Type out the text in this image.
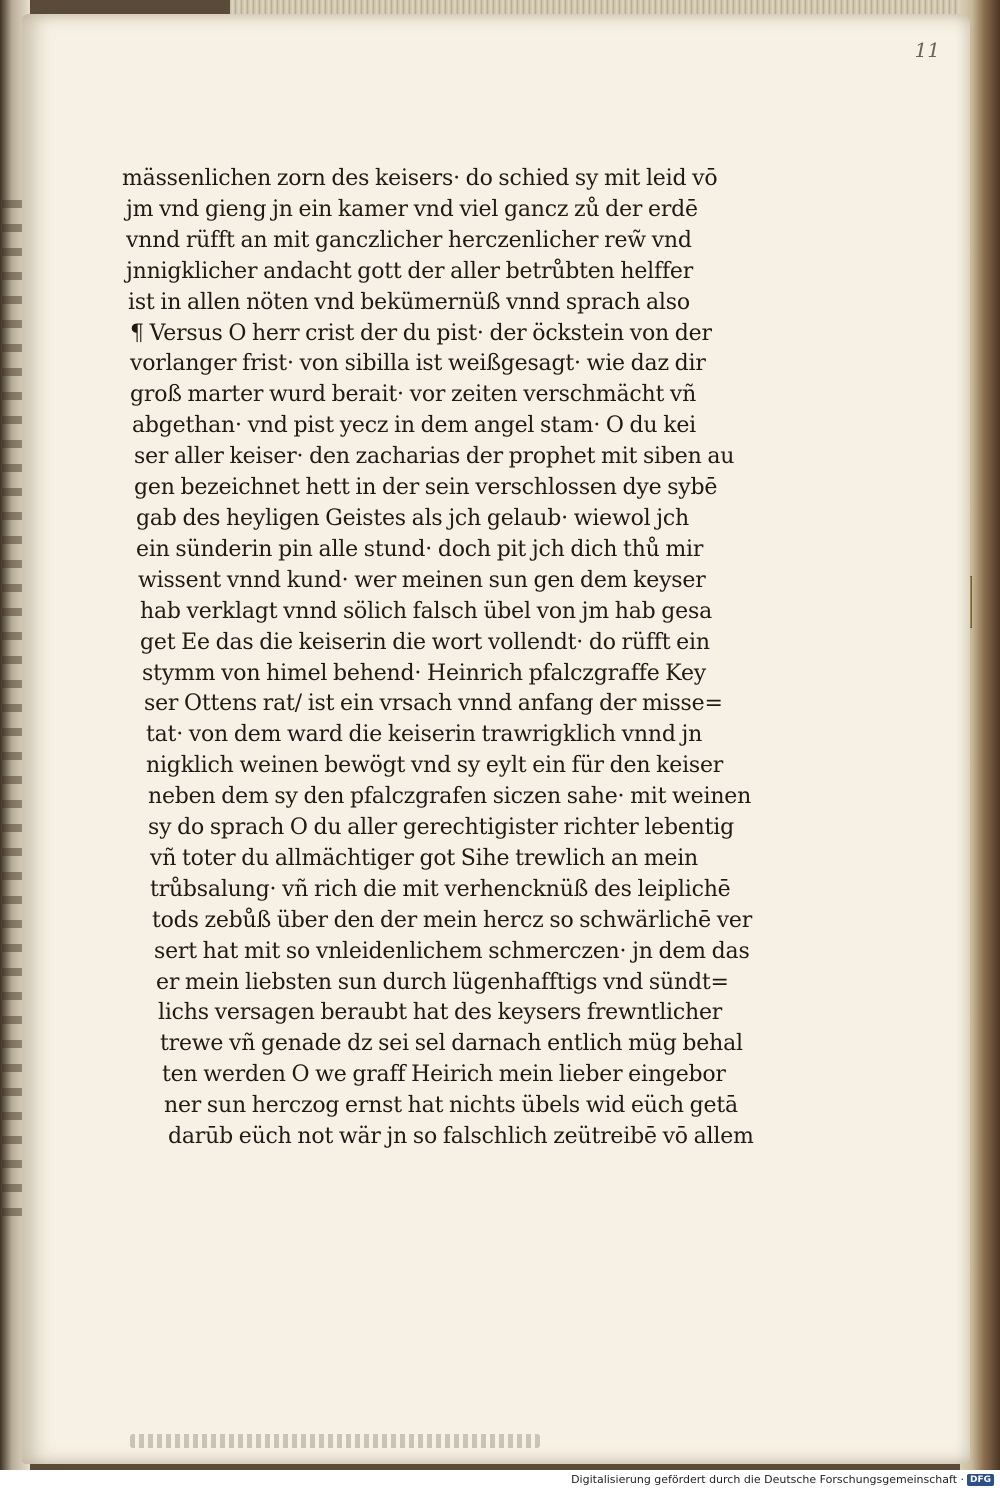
11
mässenlichen zorn des keisers· do schied sy mit leid vō
jm vnd gieng jn ein kamer vnd viel gancz zů der erdē
vnnd rüfft an mit ganczlicher herczenlicher rew̃ vnd
jnnigklicher andacht gott der aller betrůbten helffer
ist in allen nöten vnd bekümernüß vnnd sprach also
¶ Versus O herr crist der du pist· der öckstein von der
vorlanger frist· von sibilla ist weißgesagt· wie daz dir
groß marter wurd berait· vor zeiten verschmächt vñ
abgethan· vnd pist yecz in dem angel stam· O du kei
ser aller keiser· den zacharias der prophet mit siben au
gen bezeichnet hett in der sein verschlossen dye sybē
gab des heyligen Geistes als jch gelaub· wiewol jch
ein sünderin pin alle stund· doch pit jch dich thů mir
wissent vnnd kund· wer meinen sun gen dem keyser
hab verklagt vnnd sölich falsch übel von jm hab gesa
get Ee das die keiserin die wort vollendt· do rüfft ein
stymm von himel behend· Heinrich pfalczgraffe Key
ser Ottens rat/ ist ein vrsach vnnd anfang der misse=
tat· von dem ward die keiserin trawrigklich vnnd jn
nigklich weinen bewögt vnd sy eylt ein für den keiser
neben dem sy den pfalczgrafen siczen sahe· mit weinen
sy do sprach O du aller gerechtigister richter lebentig
vñ toter du allmächtiger got Sihe trewlich an mein
trůbsalung· vñ rich die mit verhencknüß des leiplichē
tods zebůß über den der mein hercz so schwärlichē ver
sert hat mit so vnleidenlichem schmerczen· jn dem das
er mein liebsten sun durch lügenhafftigs vnd sündt=
lichs versagen beraubt hat des keysers frewntlicher
trewe vñ genade dz sei sel darnach entlich müg behal
ten werden O we graff Heirich mein lieber eingebor
ner sun herczog ernst hat nichts übels wid eüch getā
darūb eüch not wär jn so falschlich zeütreibē vō allem
Digitalisierung gefördert durch die Deutsche Forschungsgemeinschaft · DFG
